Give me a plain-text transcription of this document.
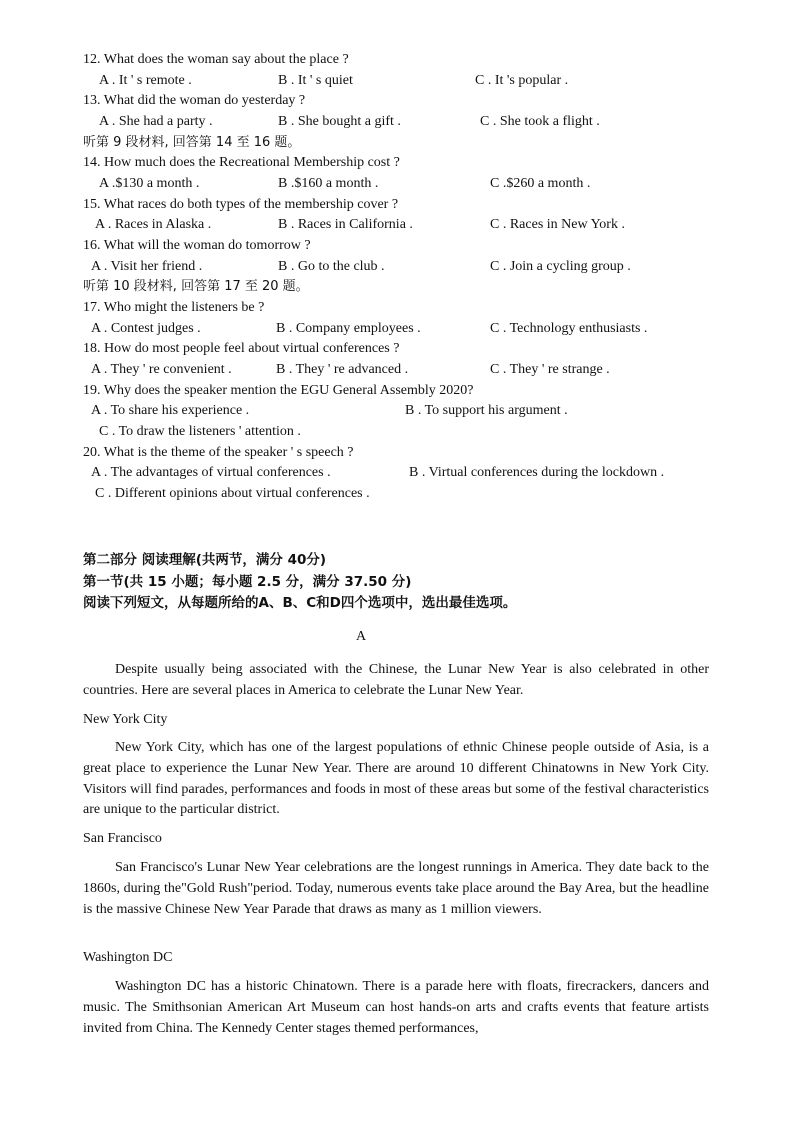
12. What does the woman say about the place ?
A . It ' s remote .	B . It ' s quiet	C . It 's popular .
13. What did the woman do yesterday ?
A . She had a party .	B . She bought a gift .	C . She took a flight .
听第 9 段材料, 回答第 14 至 16 题。
14. How much does the Recreational Membership cost ?
A .$130 a month .	B .$160 a month .	C .$260 a month .
15. What races do both types of the membership cover ?
A . Races in Alaska .	B . Races in California .	C . Races in New York .
16. What will the woman do tomorrow ?
A . Visit her friend .	B . Go to the club .	C . Join a cycling group .
听第 10 段材料, 回答第 17 至 20 题。
17. Who might the listeners be ?
A . Contest judges .	B . Company employees .	C . Technology enthusiasts .
18. How do most people feel about virtual conferences ?
A . They ' re convenient .	B . They ' re advanced .	C . They ' re strange .
19. Why does the speaker mention the EGU General Assembly 2020?
A . To share his experience .	B . To support his argument .
C . To draw the listeners ' attention .
20. What is the theme of the speaker ' s speech ?
A . The advantages of virtual conferences .	B . Virtual conferences during the lockdown .
C . Different opinions about virtual conferences .
第二部分 阅读理解(共两节，满分 40分)
第一节(共 15 小题；每小题 2.5 分，满分 37.50 分)
阅读下列短文，从每题所给的A、B、C和D四个选项中，选出最佳选项。
A

Despite usually being associated with the Chinese, the Lunar New Year is also celebrated in other countries. Here are several places in America to celebrate the Lunar New Year.

New York City

New York City, which has one of the largest populations of ethnic Chinese people outside of Asia, is a great place to experience the Lunar New Year. There are around 10 different Chinatowns in New York City. Visitors will find parades, performances and foods in most of these areas but some of the festival characteristics are unique to the particular district.

San Francisco

San Francisco's Lunar New Year celebrations are the longest runnings in America. They date back to the 1860s, during the"Gold Rush"period. Today, numerous events take place around the Bay Area, but the headline is the massive Chinese New Year Parade that draws as many as 1 million viewers.

Washington DC

Washington DC has a historic Chinatown. There is a parade here with floats, firecrackers, dancers and music. The Smithsonian American Art Museum can host hands-on arts and crafts events that feature artists invited from China. The Kennedy Center stages themed performances,
